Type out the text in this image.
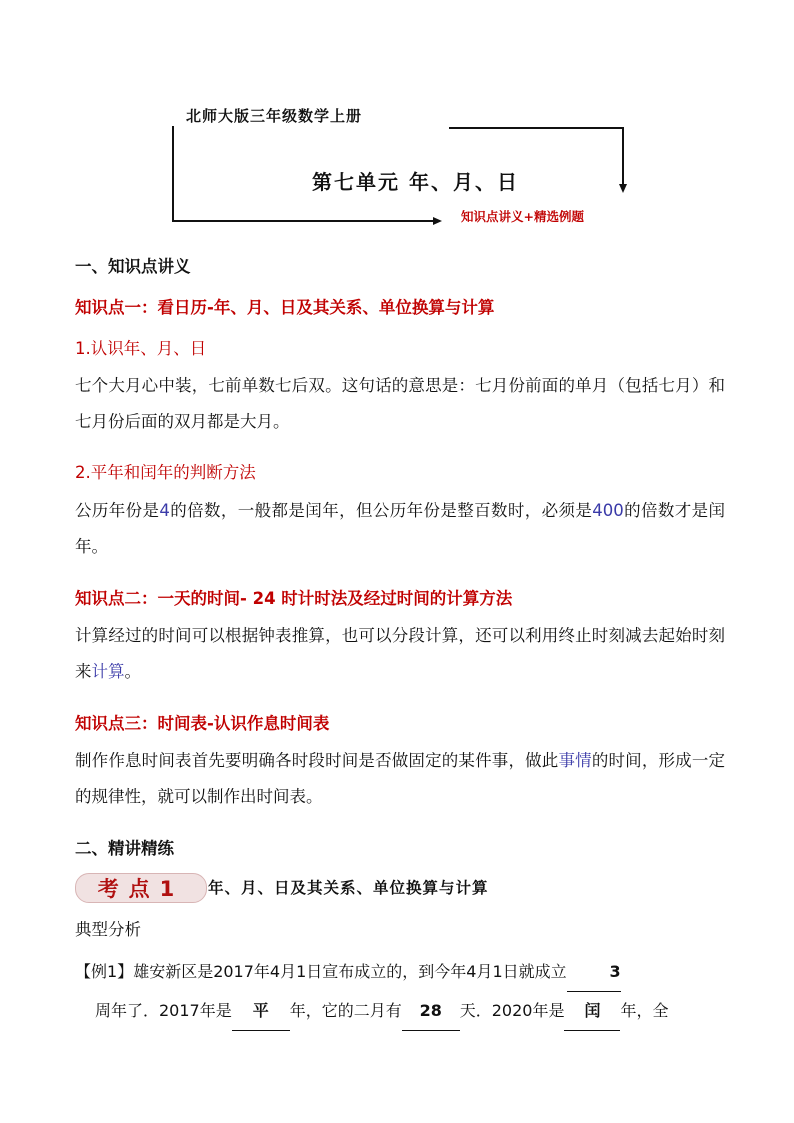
北师大版三年级数学上册
第七单元 年、月、日
知识点讲义+精选例题
一、知识点讲义
知识点一：看日历-年、月、日及其关系、单位换算与计算
1.认识年、月、日
七个大月心中装，七前单数七后双。这句话的意思是：七月份前面的单月（包括七月）和七月份后面的双月都是大月。
2.平年和闰年的判断方法
公历年份是4的倍数，一般都是闰年，但公历年份是整百数时，必须是400的倍数才是闰年。
知识点二：一天的时间- 24 时计时法及经过时间的计算方法
计算经过的时间可以根据钟表推算，也可以分段计算，还可以利用终止时刻减去起始时刻来计算。
知识点三：时间表-认识作息时间表
制作作息时间表首先要明确各时段时间是否做固定的某件事，做此事情的时间，形成一定的规律性，就可以制作出时间表。
二、精讲精练
考点1	年、月、日及其关系、单位换算与计算
典型分析
【例1】雄安新区是2017年4月1日宣布成立的，到今年4月1日就成立	3
周年了．2017年是 平 年，它的二月有 28 天．2020年是 闰 年，全
